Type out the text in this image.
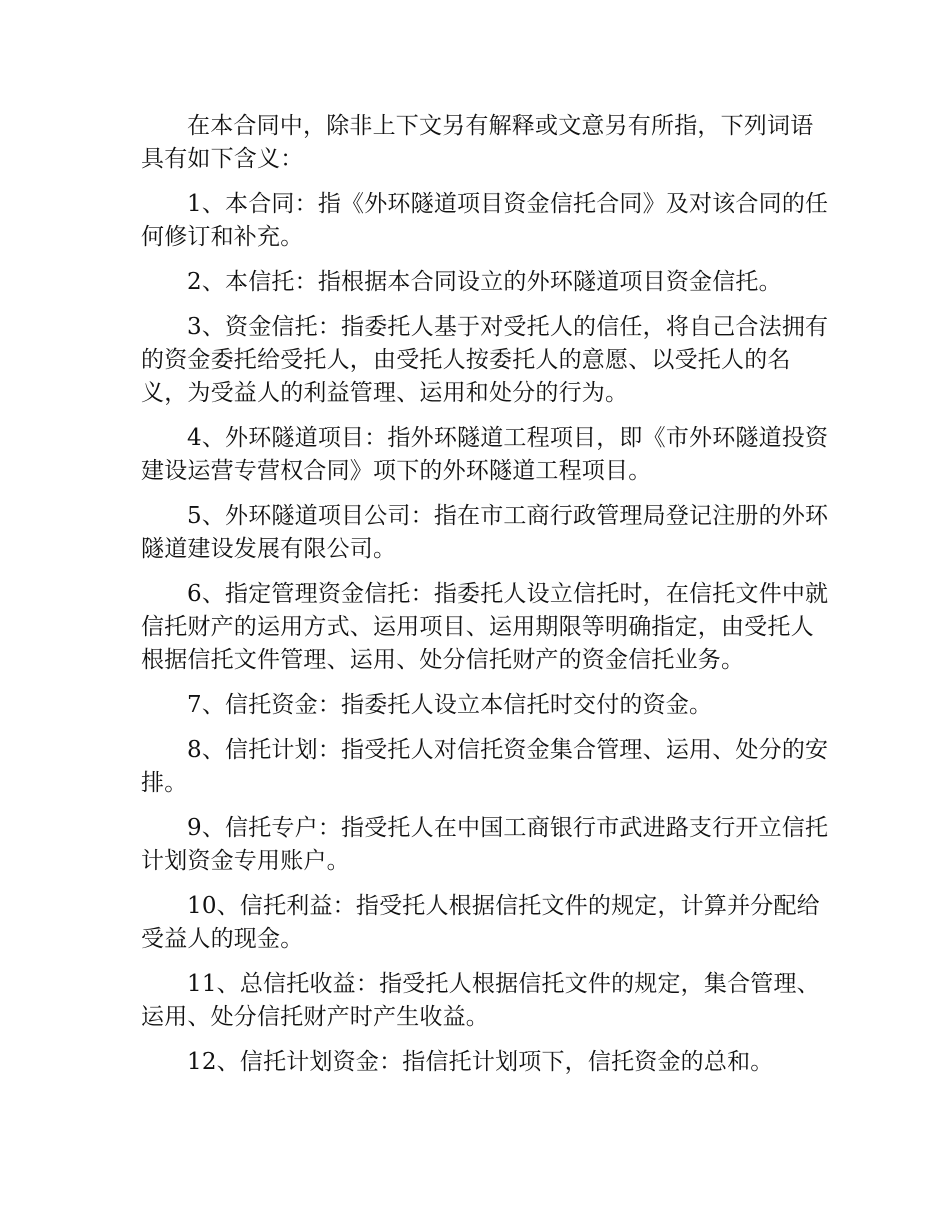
在本合同中，除非上下文另有解释或文意另有所指，下列词语具有如下含义：

1、本合同：指《外环隧道项目资金信托合同》及对该合同的任何修订和补充。

2、本信托：指根据本合同设立的外环隧道项目资金信托。

3、资金信托：指委托人基于对受托人的信任，将自己合法拥有的资金委托给受托人，由受托人按委托人的意愿、以受托人的名义，为受益人的利益管理、运用和处分的行为。

4、外环隧道项目：指外环隧道工程项目，即《市外环隧道投资建设运营专营权合同》项下的外环隧道工程项目。

5、外环隧道项目公司：指在市工商行政管理局登记注册的外环隧道建设发展有限公司。

6、指定管理资金信托：指委托人设立信托时，在信托文件中就信托财产的运用方式、运用项目、运用期限等明确指定，由受托人根据信托文件管理、运用、处分信托财产的资金信托业务。

7、信托资金：指委托人设立本信托时交付的资金。

8、信托计划：指受托人对信托资金集合管理、运用、处分的安排。

9、信托专户：指受托人在中国工商银行市武进路支行开立信托计划资金专用账户。

10、信托利益：指受托人根据信托文件的规定，计算并分配给受益人的现金。

11、总信托收益：指受托人根据信托文件的规定，集合管理、运用、处分信托财产时产生收益。

12、信托计划资金：指信托计划项下，信托资金的总和。
